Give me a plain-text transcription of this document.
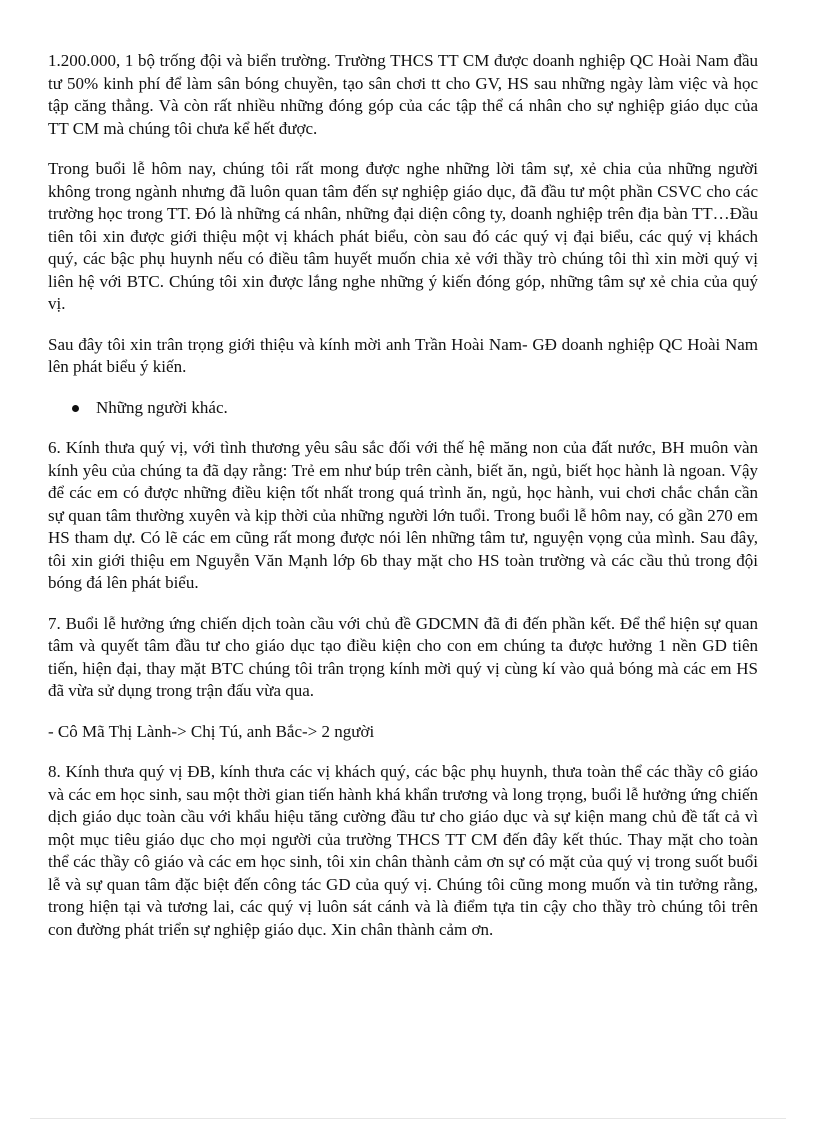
1.200.000, 1 bộ trống đội và biển trường. Trường THCS TT CM được doanh nghiệp QC Hoài Nam đầu tư 50% kinh phí để làm sân bóng chuyền, tạo sân chơi tt cho GV, HS sau những ngày làm việc và học tập căng thẳng. Và còn rất nhiều những đóng góp của các tập thể cá nhân cho sự nghiệp giáo dục của TT CM mà chúng tôi chưa kể hết được.

Trong buổi lễ hôm nay, chúng tôi rất mong được nghe những lời tâm sự, xẻ chia của những người không trong ngành nhưng đã luôn quan tâm đến sự nghiệp giáo dục, đã đầu tư một phần CSVC cho các trường học trong TT. Đó là những cá nhân, những đại diện công ty, doanh nghiệp trên địa bàn TT…Đầu tiên tôi xin được giới thiệu một vị khách phát biểu, còn sau đó các quý vị đại biểu, các quý vị khách quý, các bậc phụ huynh nếu có điều tâm huyết muốn chia xẻ với thầy trò chúng tôi thì xin mời quý vị liên hệ với BTC. Chúng tôi xin được lắng nghe những ý kiến đóng góp, những tâm sự xẻ chia của quý vị.

Sau đây tôi xin trân trọng giới thiệu và kính mời anh Trần Hoài Nam- GĐ doanh nghiệp QC Hoài Nam lên phát biểu ý kiến.

Những người khác.

6. Kính thưa quý vị, với tình thương yêu sâu sắc đối với thế hệ măng non của đất nước, BH muôn vàn kính yêu của chúng ta đã dạy rằng: Trẻ em như búp trên cành, biết ăn, ngủ, biết học hành là ngoan. Vậy để các em có được những điều kiện tốt nhất trong quá trình ăn, ngủ, học hành, vui chơi chắc chắn cần sự quan tâm thường xuyên và kịp thời của những người lớn tuổi. Trong buổi lễ hôm nay, có gần 270 em HS tham dự. Có lẽ các em cũng rất mong được nói lên những tâm tư, nguyện vọng của mình. Sau đây, tôi xin giới thiệu em Nguyễn Văn Mạnh lớp 6b thay mặt cho HS toàn trường và các cầu thủ trong đội bóng đá lên phát biểu.

7. Buổi lễ hưởng ứng chiến dịch toàn cầu với chủ đề GDCMN đã đi đến phần kết. Để thể hiện sự quan tâm và quyết tâm đầu tư cho giáo dục tạo điều kiện cho con em chúng ta được hưởng 1 nền GD tiên tiến, hiện đại, thay mặt BTC chúng tôi trân trọng kính mời quý vị cùng kí vào quả bóng mà các em HS đã vừa sử dụng trong trận đấu vừa qua.

- Cô Mã Thị Lành-> Chị Tú, anh Bắc-> 2 người

8. Kính thưa quý vị ĐB, kính thưa các vị khách quý, các bậc phụ huynh, thưa toàn thể các thầy cô giáo và các em học sinh, sau một thời gian tiến hành khá khẩn trương và long trọng, buổi lễ hưởng ứng chiến dịch giáo dục toàn cầu với khẩu hiệu tăng cường đầu tư cho giáo dục và sự kiện mang chủ đề tất cả vì một mục tiêu giáo dục cho mọi người của trường THCS TT CM đến đây kết thúc. Thay mặt cho toàn thể các thầy cô giáo và các em học sinh, tôi xin chân thành cảm ơn sự có mặt của quý vị trong suốt buổi lễ và sự quan tâm đặc biệt đến công tác GD của quý vị. Chúng tôi cũng mong muốn và tin tưởng rằng, trong hiện tại và tương lai, các quý vị luôn sát cánh và là điểm tựa tin cậy cho thầy trò chúng tôi trên con đường phát triển sự nghiệp giáo dục. Xin chân thành cảm ơn.
